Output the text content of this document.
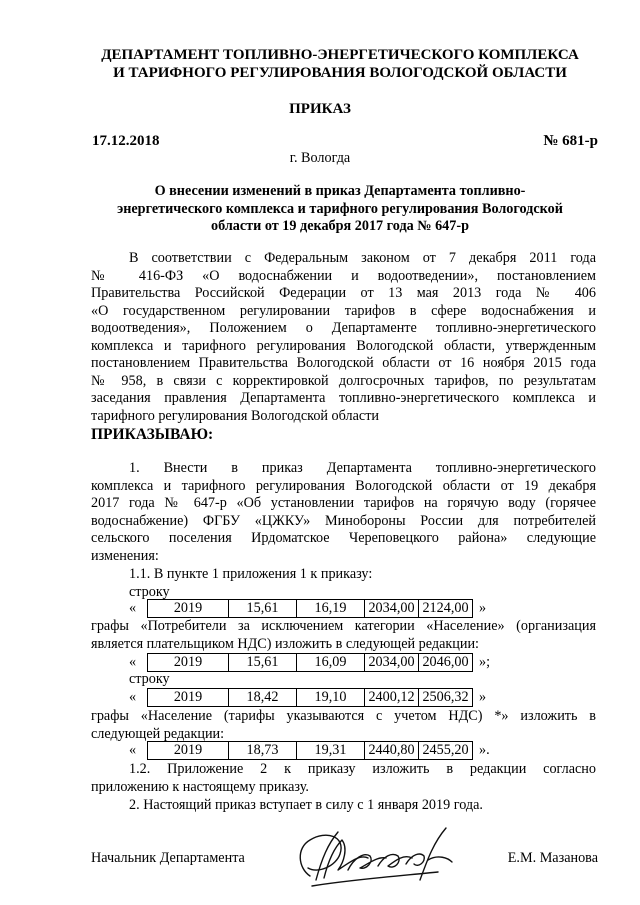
ДЕПАРТАМЕНТ ТОПЛИВНО-ЭНЕРГЕТИЧЕСКОГО КОМПЛЕКСА
И ТАРИФНОГО РЕГУЛИРОВАНИЯ ВОЛОГОДСКОЙ ОБЛАСТИ
ПРИКАЗ
17.12.2018	№ 681-р
г. Вологда
О внесении изменений в приказ Департамента топливно-
энергетического комплекса и тарифного регулирования Вологодской
области от 19 декабря 2017 года № 647-р
В соответствии с Федеральным законом от 7 декабря 2011 года
№ 416-ФЗ «О водоснабжении и водоотведении», постановлением
Правительства Российской Федерации от 13 мая 2013 года № 406
«О государственном регулировании тарифов в сфере водоснабжения и
водоотведения», Положением о Департаменте топливно-энергетического
комплекса и тарифного регулирования Вологодской области, утвержденным
постановлением Правительства Вологодской области от 16 ноября 2015 года
№ 958, в связи с корректировкой долгосрочных тарифов, по результатам
заседания правления Департамента топливно-энергетического комплекса и
тарифного регулирования Вологодской области
ПРИКАЗЫВАЮ:
1. Внести в приказ Департамента топливно-энергетического
комплекса и тарифного регулирования Вологодской области от 19 декабря
2017 года № 647-р «Об установлении тарифов на горячую воду (горячее
водоснабжение) ФГБУ «ЦЖКУ» Минобороны России для потребителей
сельского поселения Ирдоматское Череповецкого района» следующие
изменения:
1.1. В пункте 1 приложения 1 к приказу:
строку
«	2019	15,61	16,19	2034,00 2124,00 »
графы «Потребители за исключением категории «Население» (организация
является плательщиком НДС) изложить в следующей редакции:
«	2019	15,61	16,09	2034,00 2046,00 »;
строку
«	2019	18,42	19,10	2400,12 2506,32 »
графы «Население (тарифы указываются с учетом НДС) *» изложить в
следующей редакции:
«	2019	18,73	19,31	2440,80 2455,20 ».
1.2. Приложение 2 к приказу изложить в редакции согласно
приложению к настоящему приказу.
2. Настоящий приказ вступает в силу с 1 января 2019 года.
Начальник Департамента	Е.М. Мазанова
